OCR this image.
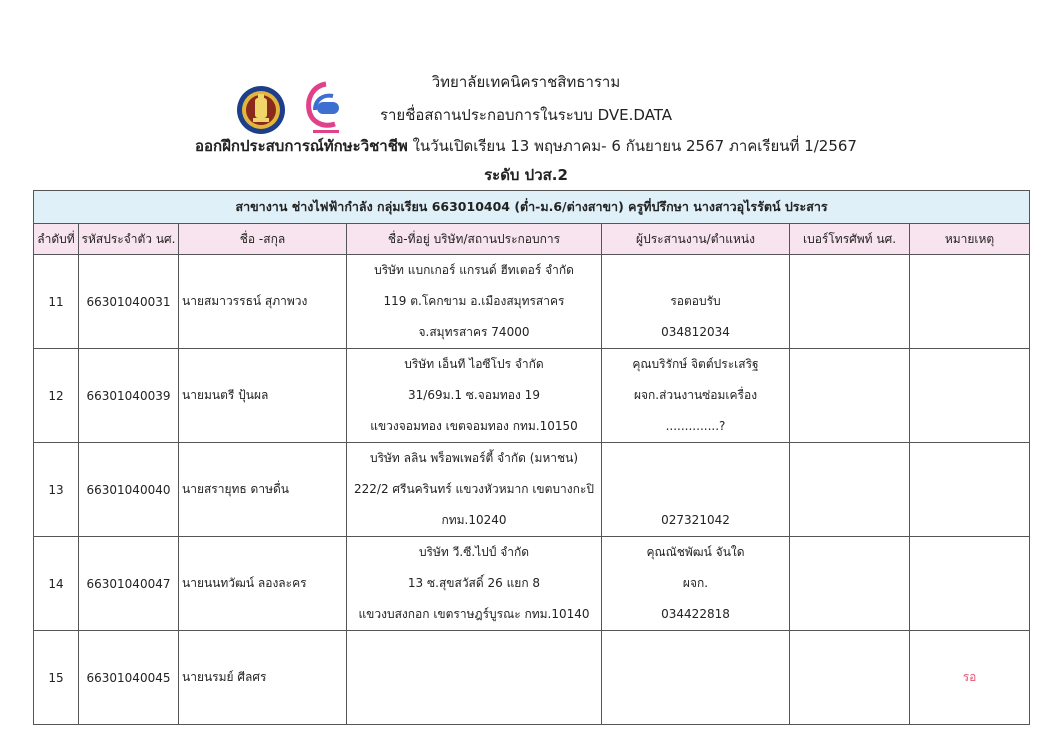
วิทยาลัยเทคนิคราชสิทธาราม
รายชื่อสถานประกอบการในระบบ DVE.DATA
ออกฝึกประสบการณ์ทักษะวิชาชีพ ในวันเปิดเรียน 13 พฤษภาคม- 6 กันยายน 2567 ภาคเรียนที่ 1/2567
ระดับ ปวส.2
สาขางาน ช่างไฟฟ้ากำลัง กลุ่มเรียน 663010404 (ต่ำ-ม.6/ต่างสาขา) ครูที่ปรึกษา นางสาวอุไรรัตน์ ประสาร						
ลำดับที่	รหัสประจำตัว นศ.	ชื่อ -สกุล	ชื่อ-ที่อยู่ บริษัท/สถานประกอบการ	ผู้ประสานงาน/ตำแหน่ง	เบอร์โทรศัพท์ นศ.	หมายเหตุ
11	66301040031	นายสมาวรรธน์ สุภาพวง	บริษัท แบกเกอร์ แกรนด์ ฮีทเตอร์ จำกัด
119 ต.โคกขาม อ.เมืองสมุทรสาคร
จ.สมุทรสาคร 74000	รอตอบรับ
034812034		

12	66301040039	นายมนตรี ปุ้นผล	บริษัท เอ็นที ไอซีโปร จำกัด
31/69ม.1 ซ.จอมทอง 19
แขวงจอมทอง เขตจอมทอง กทม.10150	คุณบริรักษ์ จิตต์ประเสริฐ
ผจก.ส่วนงานซ่อมเครื่อง
..............?		

13	66301040040	นายสรายุทธ ดาษดื่น	บริษัท ลลิน พร็อพเพอร์ตี้ จำกัด (มหาชน)
222/2 ศรีนครินทร์ แขวงหัวหมาก เขตบางกะปิ
กทม.10240	027321042		

14	66301040047	นายนนทวัฒน์ ลองละคร	บริษัท วี.ซี.ไปป์ จำกัด
13 ซ.สุขสวัสดิ์ 26 แยก 8
แขวงบสงกอก เขตราษฎร์บูรณะ กทม.10140	คุณณัชพัฒน์ จันใด
ผจก.
034422818		

15	66301040045	นายนรมย์ ศีลศร				รอ
